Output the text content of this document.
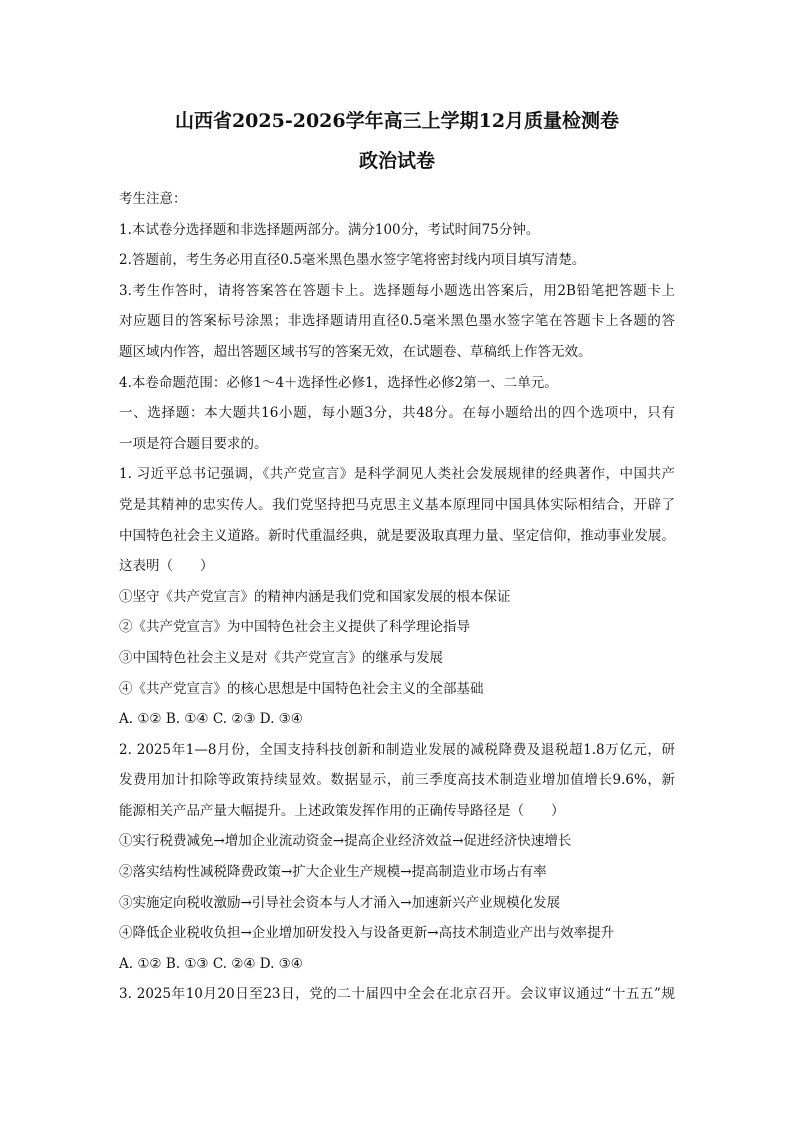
山西省2025-2026学年高三上学期12月质量检测卷
政治试卷
考生注意：
1.本试卷分选择题和非选择题两部分。满分100分，考试时间75分钟。
2.答题前，考生务必用直径0.5毫米黑色墨水签字笔将密封线内项目填写清楚。
3.考生作答时，请将答案答在答题卡上。选择题每小题选出答案后，用2B铅笔把答题卡上
对应题目的答案标号涂黑；非选择题请用直径0.5毫米黑色墨水签字笔在答题卡上各题的答
题区域内作答，超出答题区域书写的答案无效，在试题卷、草稿纸上作答无效。
4.本卷命题范围：必修1～4＋选择性必修1，选择性必修2第一、二单元。
一、选择题：本大题共16小题，每小题3分，共48分。在每小题给出的四个选项中，只有
一项是符合题目要求的。
1. 习近平总书记强调，《共产党宣言》是科学洞见人类社会发展规律的经典著作，中国共产
党是其精神的忠实传人。我们党坚持把马克思主义基本原理同中国具体实际相结合，开辟了
中国特色社会主义道路。新时代重温经典，就是要汲取真理力量、坚定信仰，推动事业发展。
这表明（　　）
①坚守《共产党宣言》的精神内涵是我们党和国家发展的根本保证
②《共产党宣言》为中国特色社会主义提供了科学理论指导
③中国特色社会主义是对《共产党宣言》的继承与发展
④《共产党宣言》的核心思想是中国特色社会主义的全部基础
A. ①② B. ①④ C. ②③ D. ③④
2. 2025年1—8月份，全国支持科技创新和制造业发展的减税降费及退税超1.8万亿元，研
发费用加计扣除等政策持续显效。数据显示，前三季度高技术制造业增加值增长9.6%，新
能源相关产品产量大幅提升。上述政策发挥作用的正确传导路径是（　　）
①实行税费减免→增加企业流动资金→提高企业经济效益→促进经济快速增长
②落实结构性减税降费政策→扩大企业生产规模→提高制造业市场占有率
③实施定向税收激励→引导社会资本与人才涌入→加速新兴产业规模化发展
④降低企业税收负担→企业增加研发投入与设备更新→高技术制造业产出与效率提升
A. ①② B. ①③ C. ②④ D. ③④
3. 2025年10月20日至23日，党的二十届四中全会在北京召开。会议审议通过“十五五”规
